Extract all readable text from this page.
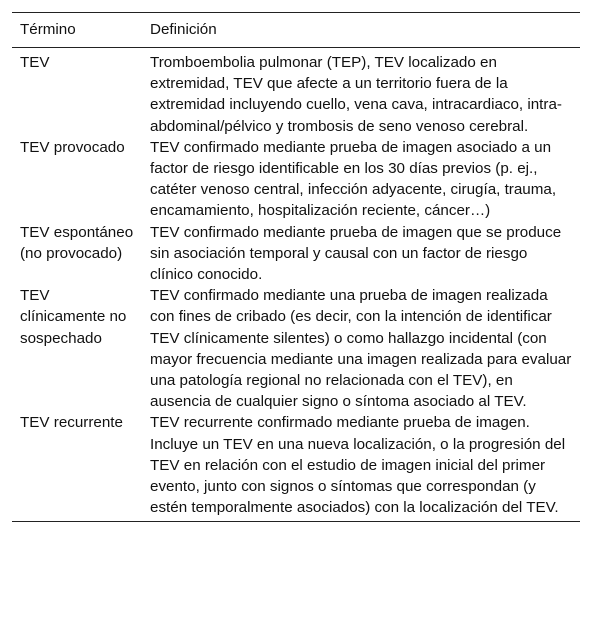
Término	Definición
TEV	Tromboembolia pulmonar (TEP), TEV localizado en extremidad, TEV que afecte a un territorio fuera de la extremidad incluyendo cuello, vena cava, intracardiaco, intra-abdominal/pélvico y trombosis de seno venoso cerebral.
TEV provocado	TEV confirmado mediante prueba de imagen asociado a un factor de riesgo identificable en los 30 días previos (p. ej., catéter venoso central, infección adyacente, cirugía, trauma, encamamiento, hospitalización reciente, cáncer…)
TEV espontáneo (no provocado)	TEV confirmado mediante prueba de imagen que se produce sin asociación temporal y causal con un factor de riesgo clínico conocido.
TEV clínicamente no sospechado	TEV confirmado mediante una prueba de imagen realizada con fines de cribado (es decir, con la intención de identificar TEV clínicamente silentes) o como hallazgo incidental (con mayor frecuencia mediante una imagen realizada para evaluar una patología regional no relacionada con el TEV), en ausencia de cualquier signo o síntoma asociado al TEV.
TEV recurrente	TEV recurrente confirmado mediante prueba de imagen. Incluye un TEV en una nueva localización, o la progresión del TEV en relación con el estudio de imagen inicial del primer evento, junto con signos o síntomas que correspondan (y estén temporalmente asociados) con la localización del TEV.
